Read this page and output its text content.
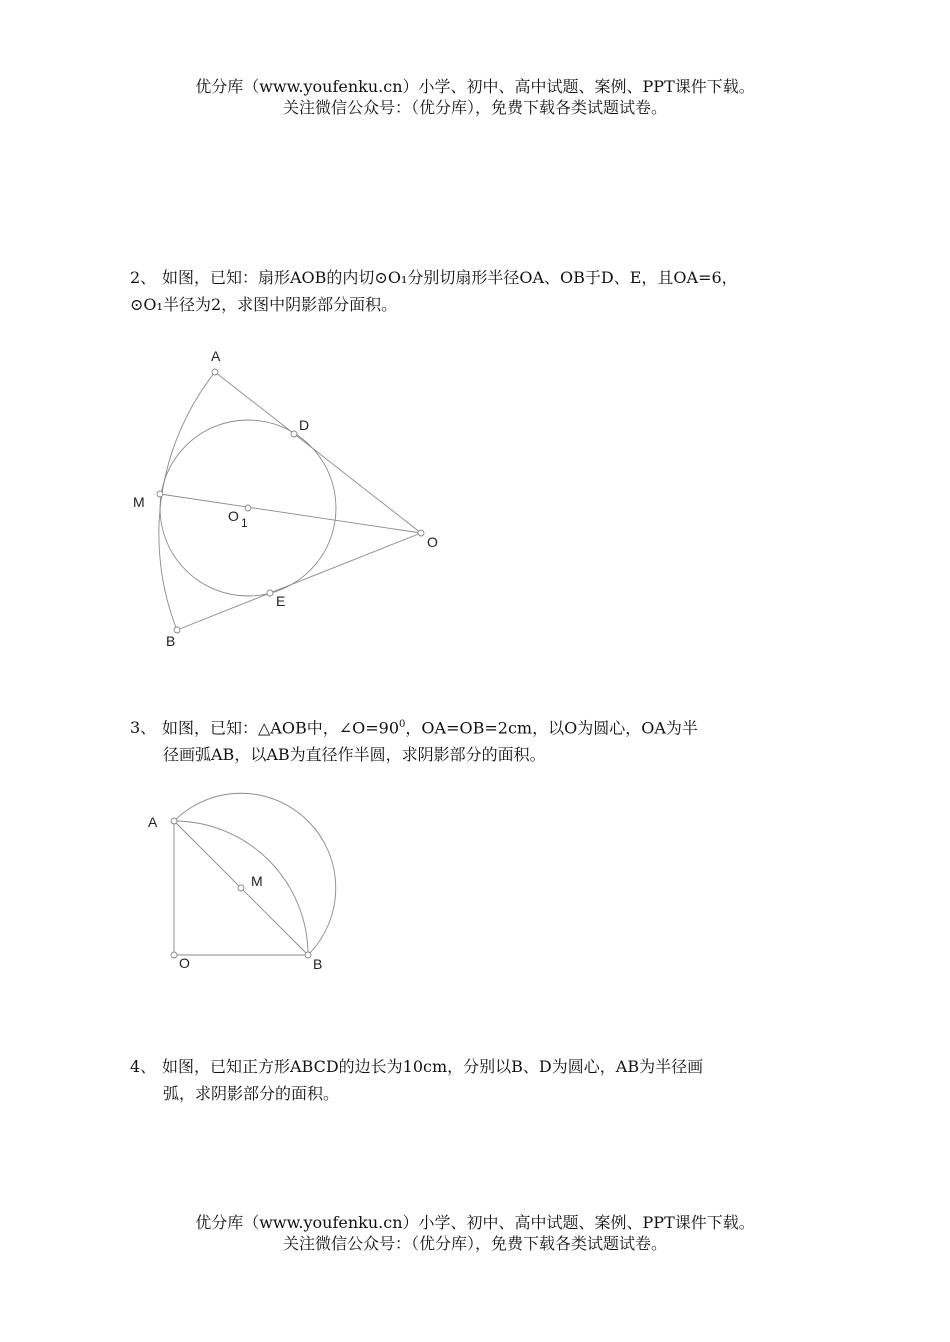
优分库（www.youfenku.cn）小学、初中、高中试题、案例、PPT课件下载。
关注微信公众号：（优分库），免费下载各类试题试卷。
2、 如图，已知：扇形AOB的内切⊙O₁分别切扇形半径OA、OB于D、E，且OA=6，
⊙O₁半径为2，求图中阴影部分面积。
3、 如图，已知：△AOB中，$\angle O=90^0$，OA=OB=2cm，以O为圆心，OA为半
径画弧AB，以AB为直径作半圆，求阴影部分的面积。
4、 如图，已知正方形ABCD的边长为10cm，分别以B、D为圆心，AB为半径画
弧，求阴影部分的面积。
A
D
M
O 1
O
E
B
A
M
O	B
优分库（www.youfenku.cn）小学、初中、高中试题、案例、PPT课件下载。
关注微信公众号：（优分库），免费下载各类试题试卷。
